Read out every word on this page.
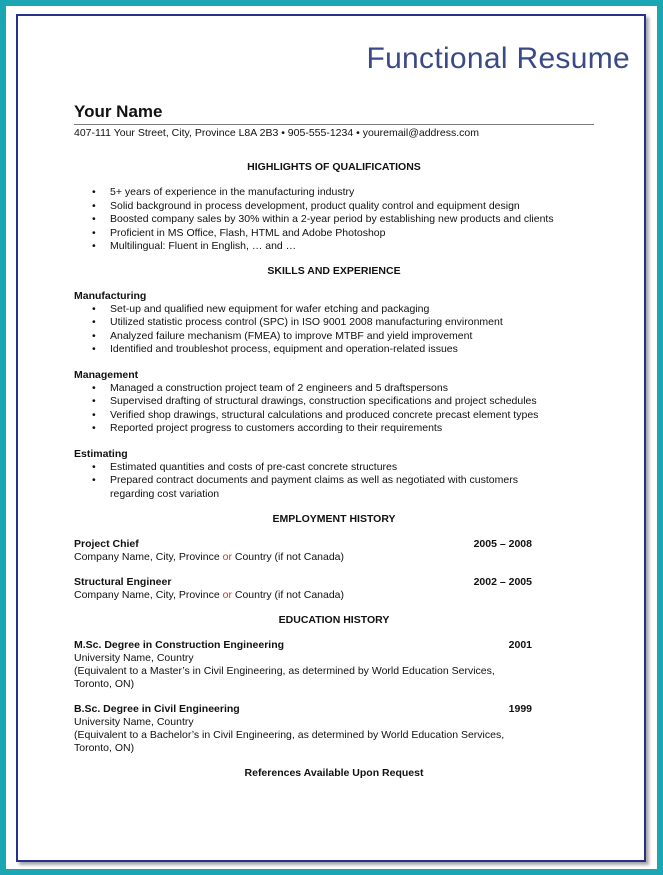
Functional Resume
Your Name
407-111 Your Street, City, Province L8A 2B3 • 905-555-1234 • youremail@address.com
HIGHLIGHTS OF QUALIFICATIONS
• 5+ years of experience in the manufacturing industry
• Solid background in process development, product quality control and equipment design
• Boosted company sales by 30% within a 2-year period by establishing new products and clients
• Proficient in MS Office, Flash, HTML and Adobe Photoshop
• Multilingual: Fluent in English, … and …
SKILLS AND EXPERIENCE
Manufacturing
• Set-up and qualified new equipment for wafer etching and packaging
• Utilized statistic process control (SPC) in ISO 9001 2008 manufacturing environment
• Analyzed failure mechanism (FMEA) to improve MTBF and yield improvement
• Identified and troubleshot process, equipment and operation-related issues
Management
• Managed a construction project team of 2 engineers and 5 draftspersons
• Supervised drafting of structural drawings, construction specifications and project schedules
• Verified shop drawings, structural calculations and produced concrete precast element types
• Reported project progress to customers according to their requirements
Estimating
• Estimated quantities and costs of pre-cast concrete structures
• Prepared contract documents and payment claims as well as negotiated with customers regarding cost variation
EMPLOYMENT HISTORY
Project Chief	2005 – 2008
Company Name, City, Province or Country (if not Canada)
Structural Engineer	2002 – 2005
Company Name, City, Province or Country (if not Canada)
EDUCATION HISTORY
M.Sc. Degree in Construction Engineering	2001
University Name, Country
(Equivalent to a Master’s in Civil Engineering, as determined by World Education Services, Toronto, ON)
B.Sc. Degree in Civil Engineering	1999
University Name, Country
(Equivalent to a Bachelor’s in Civil Engineering, as determined by World Education Services, Toronto, ON)
References Available Upon Request
